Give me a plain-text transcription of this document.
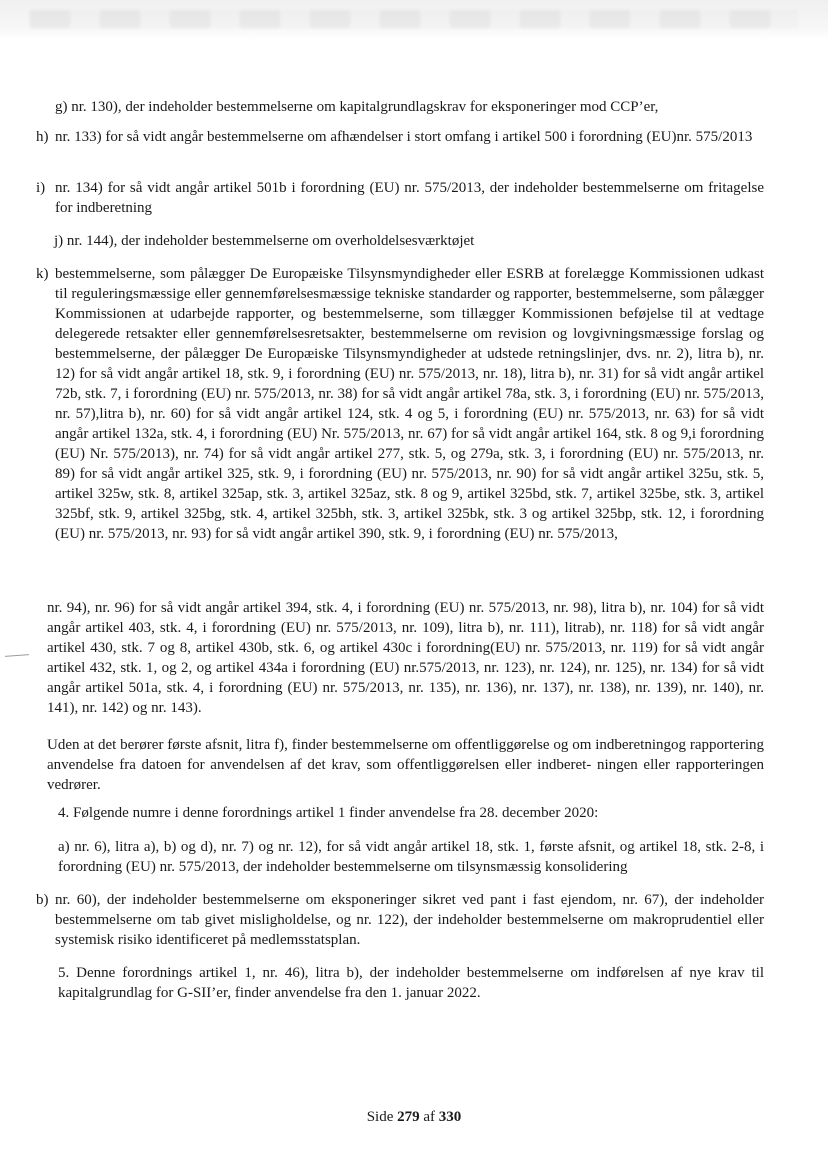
g) nr. 130), der indeholder bestemmelserne om kapitalgrundlagskrav for eksponeringer mod CCP’er,

h) nr. 133) for så vidt angår bestemmelserne om afhændelser i stort omfang i artikel 500 i forordning (EU)nr. 575/2013
i) nr. 134) for så vidt angår artikel 501b i forordning (EU) nr. 575/2013, der indeholder bestemmelserne om fritagelse for indberetning

j) nr. 144), der indeholder bestemmelserne om overholdelsesværktøjet

k) bestemmelserne, som pålægger De Europæiske Tilsynsmyndigheder eller ESRB at forelægge Kommissionen udkast til reguleringsmæssige eller gennemførelsesmæssige tekniske standarder og rapporter, bestemmelserne, som pålægger Kommissionen at udarbejde rapporter, og bestemmelserne, som tillægger Kommissionen beføjelse til at vedtage delegerede retsakter eller gennemførelsesretsakter, bestemmelserne om revision og lovgivningsmæssige forslag og bestemmelserne, der pålægger De Europæiske Tilsynsmyndigheder at udstede retningslinjer, dvs. nr. 2), litra b), nr. 12) for så vidt angår artikel 18, stk. 9, i forordning (EU) nr. 575/2013, nr. 18), litra b), nr. 31) for så vidt angår artikel 72b, stk. 7, i forordning (EU) nr. 575/2013, nr. 38) for så vidt angår artikel 78a, stk. 3, i forordning (EU) nr. 575/2013, nr. 57),litra b), nr. 60) for så vidt angår artikel 124, stk. 4 og 5, i forordning (EU) nr. 575/2013, nr. 63) for så vidt angår artikel 132a, stk. 4, i forordning (EU) Nr. 575/2013, nr. 67) for så vidt angår artikel 164, stk. 8 og 9,i forordning (EU) Nr. 575/2013), nr. 74) for så vidt angår artikel 277, stk. 5, og 279a, stk. 3, i forordning (EU) nr. 575/2013, nr. 89) for så vidt angår artikel 325, stk. 9, i forordning (EU) nr. 575/2013, nr. 90) for så vidt angår artikel 325u, stk. 5, artikel 325w, stk. 8, artikel 325ap, stk. 3, artikel 325az, stk. 8 og 9, artikel 325bd, stk. 7, artikel 325be, stk. 3, artikel 325bf, stk. 9, artikel 325bg, stk. 4, artikel 325bh, stk. 3, artikel 325bk, stk. 3 og artikel 325bp, stk. 12, i forordning (EU) nr. 575/2013, nr. 93) for så vidt angår artikel 390, stk. 9, i forordning (EU) nr. 575/2013,

nr. 94), nr. 96) for så vidt angår artikel 394, stk. 4, i forordning (EU) nr. 575/2013, nr. 98), litra b), nr. 104) for så vidt angår artikel 403, stk. 4, i forordning (EU) nr. 575/2013, nr. 109), litra b), nr. 111), litrab), nr. 118) for så vidt angår artikel 430, stk. 7 og 8, artikel 430b, stk. 6, og artikel 430c i forordning(EU) nr. 575/2013, nr. 119) for så vidt angår artikel 432, stk. 1, og 2, og artikel 434a i forordning (EU) nr.575/2013, nr. 123), nr. 124), nr. 125), nr. 134) for så vidt angår artikel 501a, stk. 4, i forordning (EU) nr. 575/2013, nr. 135), nr. 136), nr. 137), nr. 138), nr. 139), nr. 140), nr. 141), nr. 142) og nr. 143).

Uden at det berører første afsnit, litra f), finder bestemmelserne om offentliggørelse og om indberetningog rapportering anvendelse fra datoen for anvendelsen af det krav, som offentliggørelsen eller indberet- ningen eller rapporteringen vedrører.

4. Følgende numre i denne forordnings artikel 1 finder anvendelse fra 28. december 2020:

a) nr. 6), litra a), b) og d), nr. 7) og nr. 12), for så vidt angår artikel 18, stk. 1, første afsnit, og artikel 18, stk. 2-8, i forordning (EU) nr. 575/2013, der indeholder bestemmelserne om tilsynsmæssig konsolidering

b) nr. 60), der indeholder bestemmelserne om eksponeringer sikret ved pant i fast ejendom, nr. 67), der indeholder bestemmelserne om tab givet misligholdelse, og nr. 122), der indeholder bestemmelserne om makroprudentiel eller systemisk risiko identificeret på medlemsstatsplan.

5. Denne forordnings artikel 1, nr. 46), litra b), der indeholder bestemmelserne om indførelsen af nye krav til kapitalgrundlag for G-SII’er, finder anvendelse fra den 1. januar 2022.

Side 279 af 330
